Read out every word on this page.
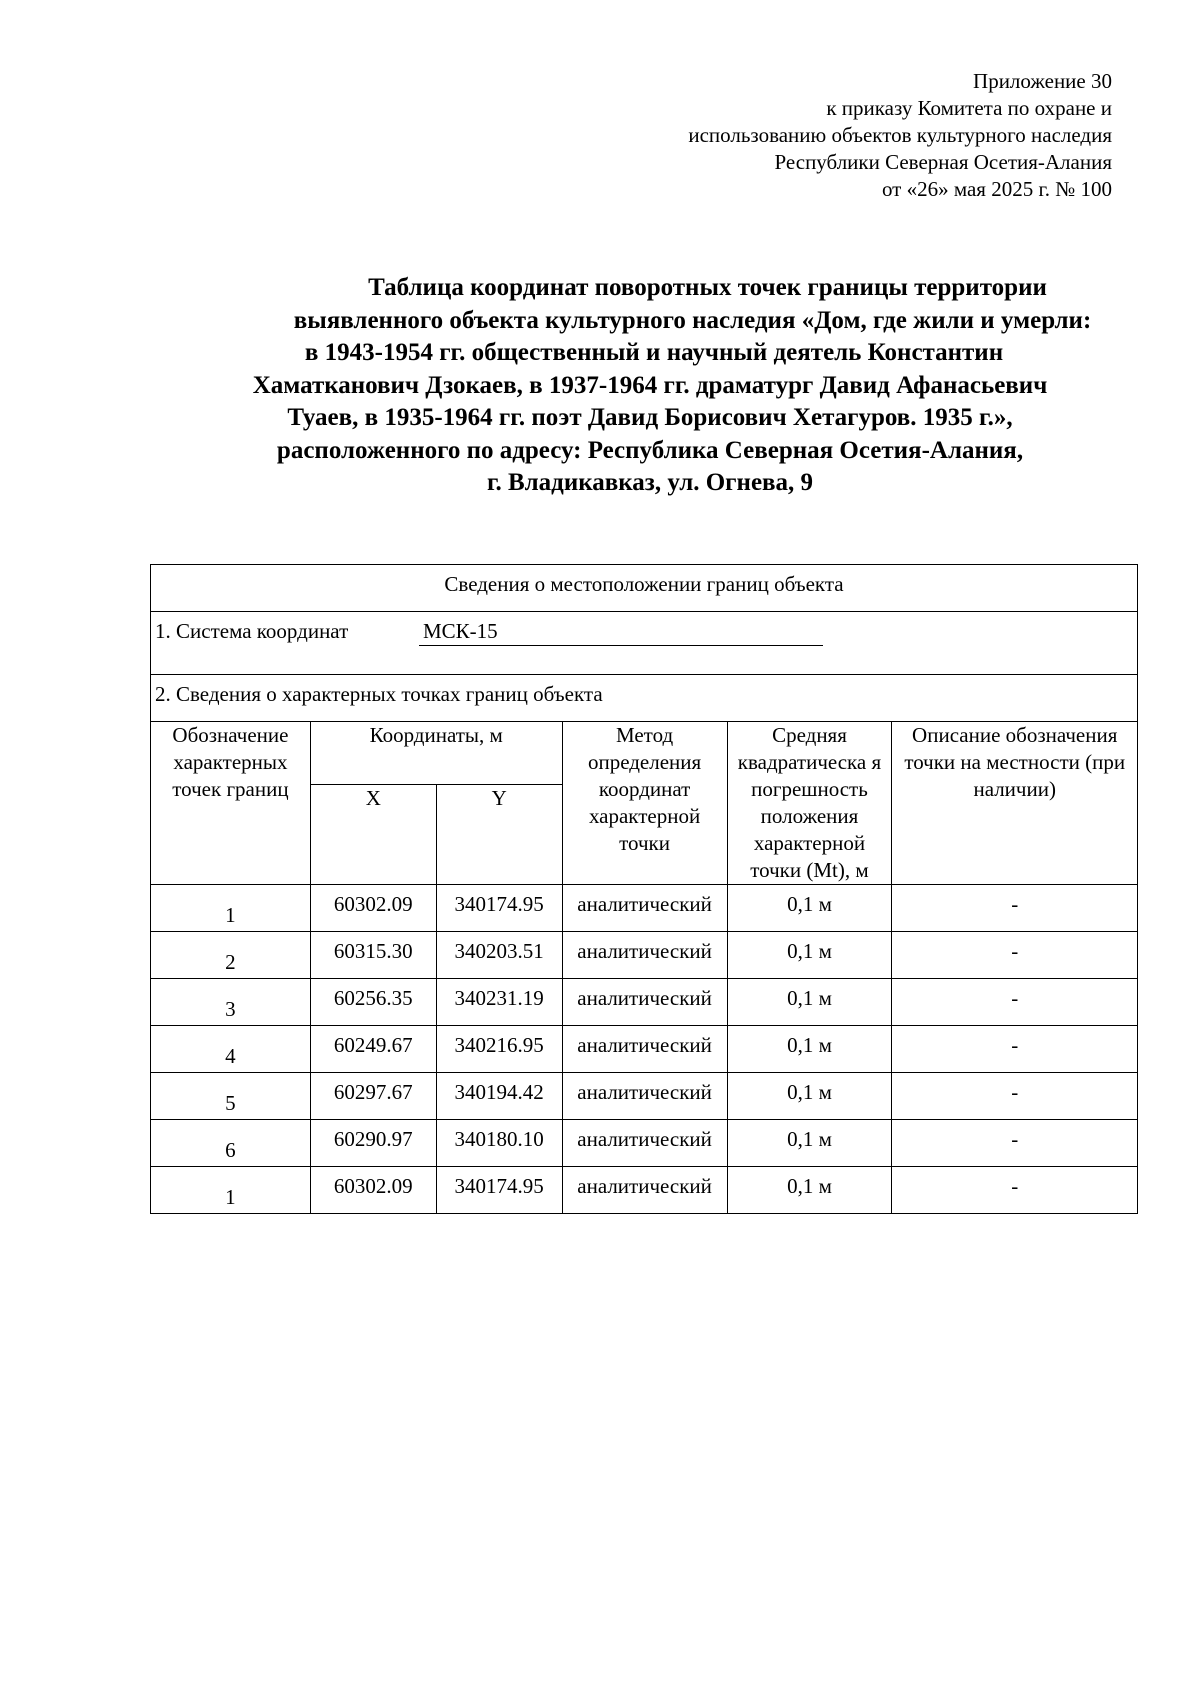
Приложение 30
к приказу Комитета по охране и
использованию объектов культурного наследия
Республики Северная Осетия-Алания
от «26» мая 2025 г. № 100
Таблица координат поворотных точек границы территории
выявленного объекта культурного наследия «Дом, где жили и умерли:
в 1943-1954 гг. общественный и научный деятель Константин
Хаматканович Дзокаев, в 1937-1964 гг. драматург Давид Афанасьевич
Туаев, в 1935-1964 гг. поэт Давид Борисович Хетагуров. 1935 г.»,
расположенного по адресу: Республика Северная Осетия-Алания,
г. Владикавказ, ул. Огнева, 9
Сведения о местоположении границ объекта					
1. Система координат МСК-15					
2. Сведения о характерных точках границ объекта					
Обозначение характерных точек границ	Координаты, м		Метод определения координат характерной точки	Средняя квадратическа я погрешность положения характерной точки (Mt), м	Описание обозначения точки на местности (при наличии)
	X	Y			
1	60302.09	340174.95	аналитический	0,1 м	-
2	60315.30	340203.51	аналитический	0,1 м	-
3	60256.35	340231.19	аналитический	0,1 м	-
4	60249.67	340216.95	аналитический	0,1 м	-
5	60297.67	340194.42	аналитический	0,1 м	-
6	60290.97	340180.10	аналитический	0,1 м	-
1	60302.09	340174.95	аналитический	0,1 м	-
